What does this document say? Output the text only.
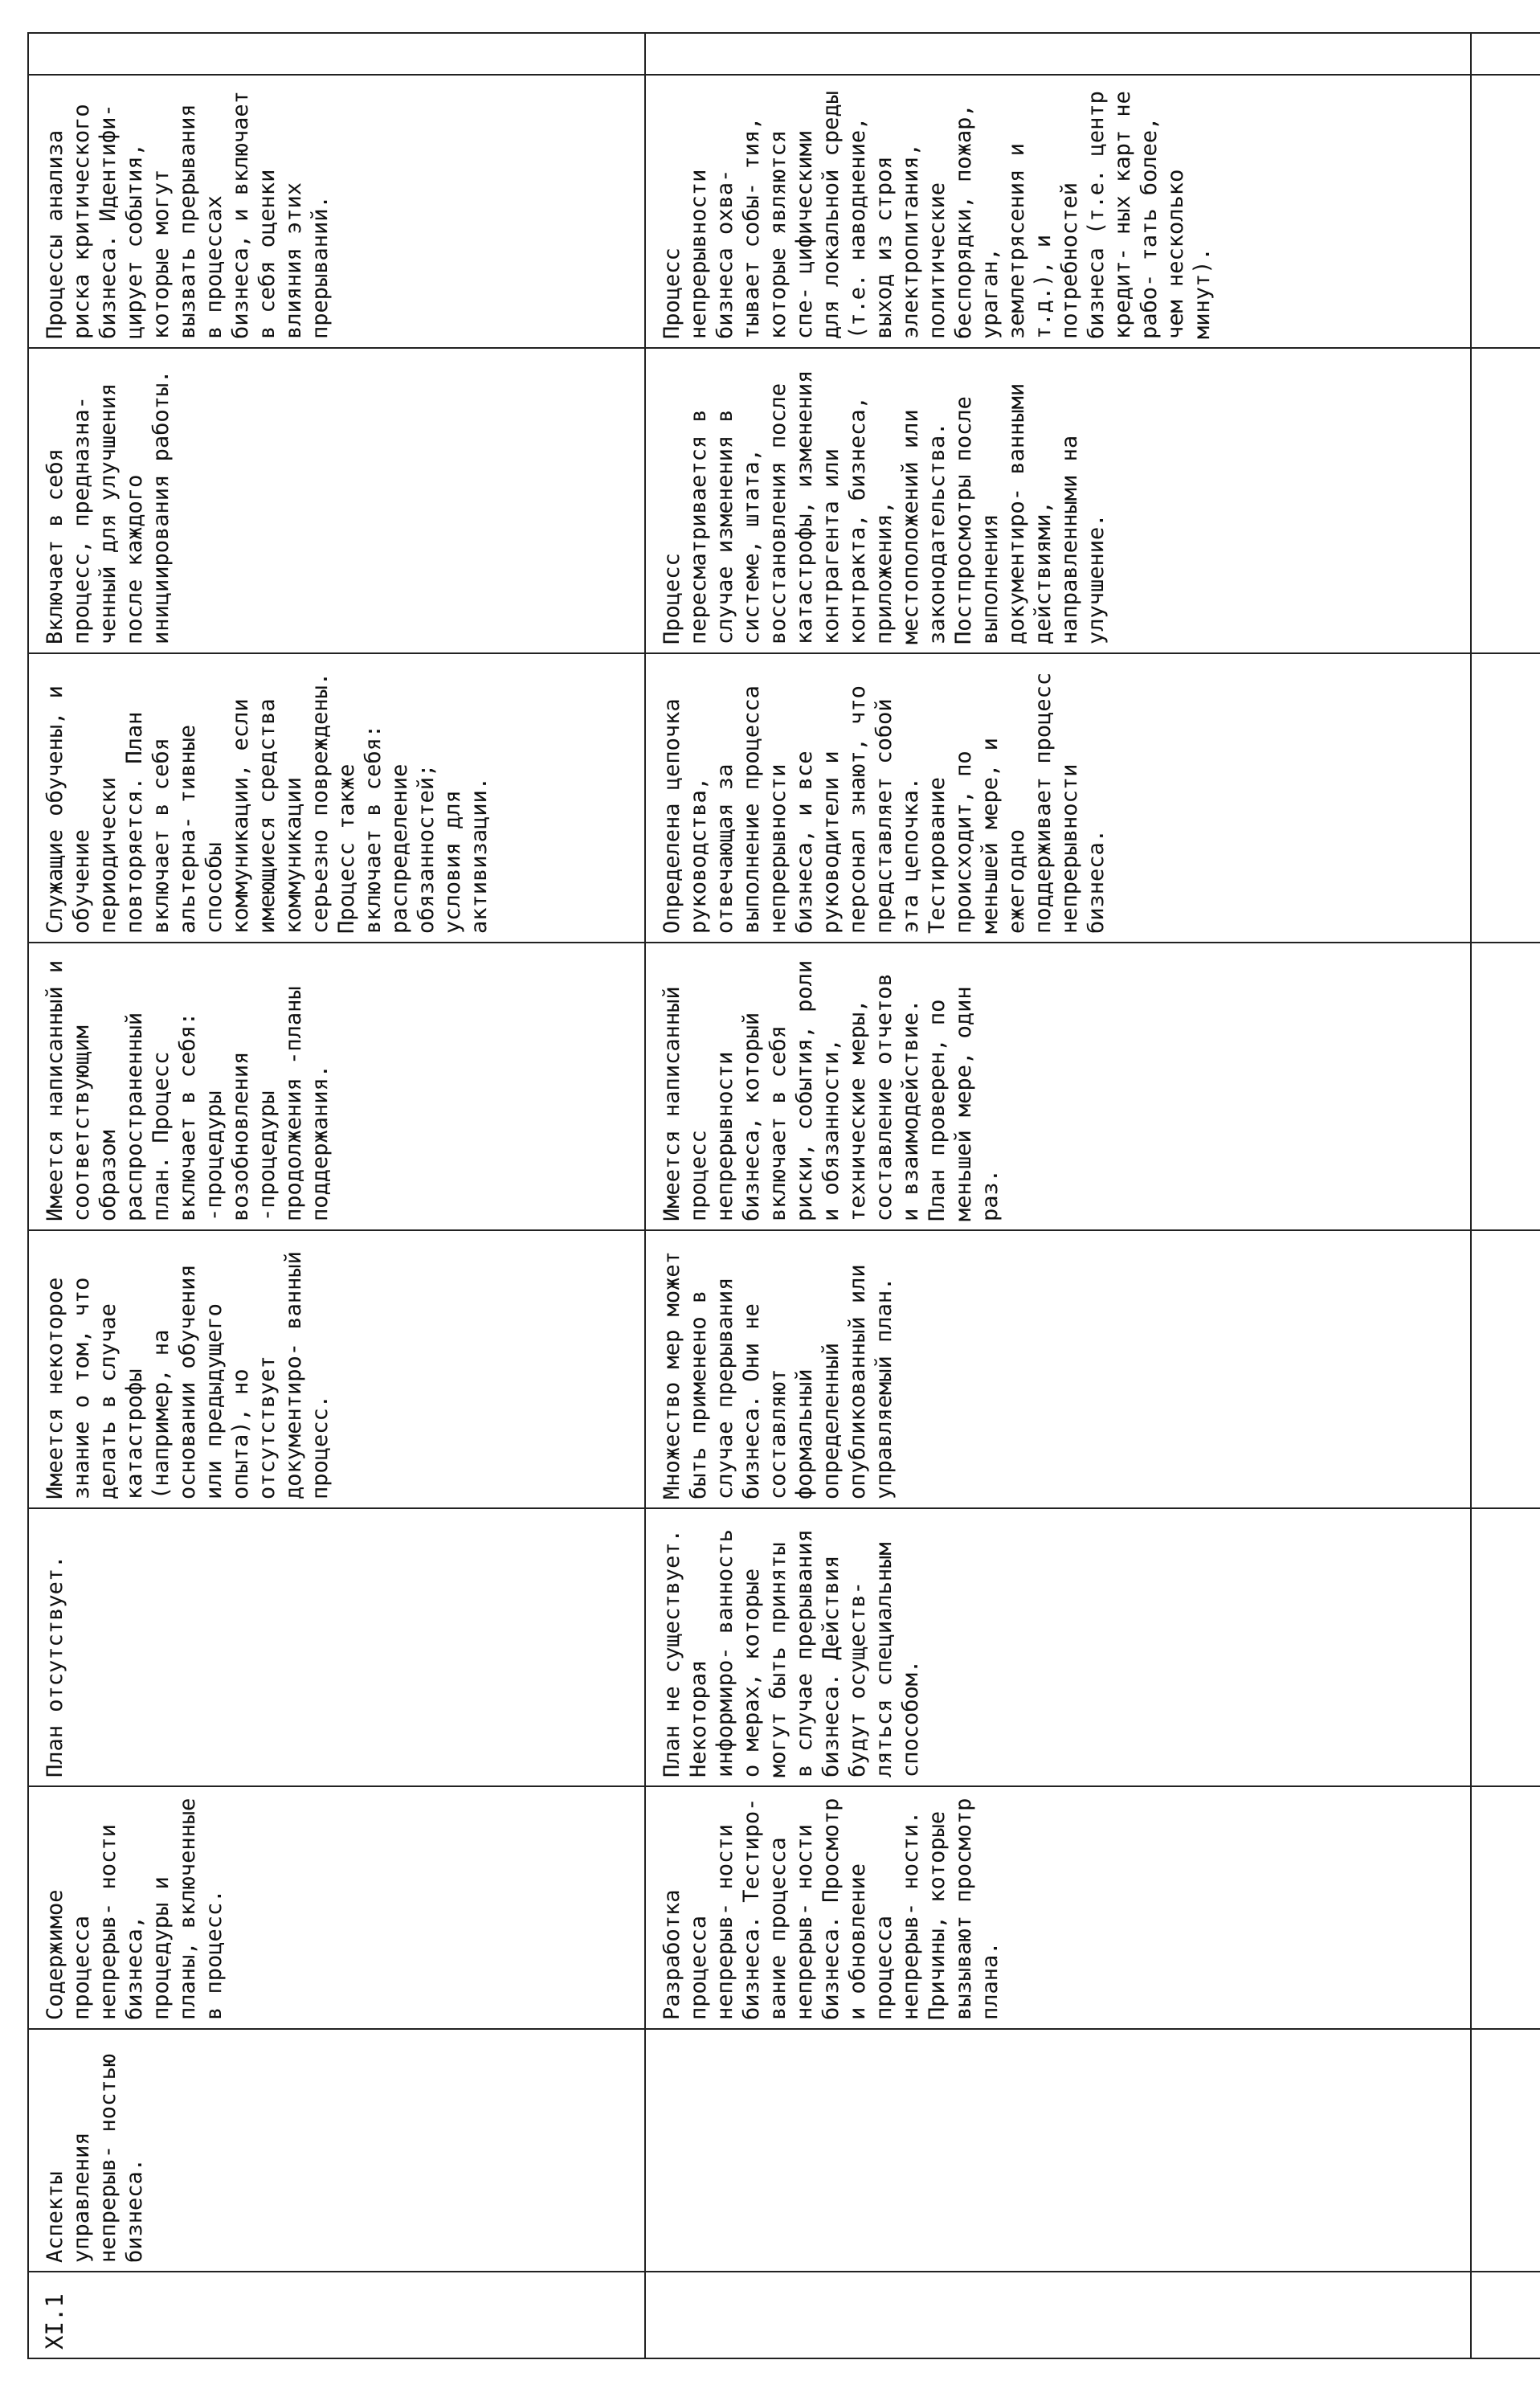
XI.1	Аспекты управления непрерыв- ностью бизнеса.	Содержимое процесса непрерыв- ности бизнеса, процедуры и планы, включенные в процесс.	План отсутствует.	Имеется некоторое знание о том, что делать в случае катастрофы (например, на основании обучения или предыдущего опыта), но отсутствует документиро- ванный процесс.	Имеется написанный и соответствующим образом распространенный план. Процесс включает в себя: -процедуры возобновления -процедуры продолжения -планы поддержания.	Служащие обучены, и обучение периодически повторяется. План включает в себя альтерна- тивные способы коммуникации, если имеющиеся средства коммуникации серьезно повреждены. Процесс также включает в себя: распределение обязанностей; условия для активизации.	Включает в себя процесс, предназна- ченный для улучшения после каждого инициирования работы.	Процессы анализа риска критического бизнеса. Идентифи- цирует события, которые могут вызвать прерывания в процессах бизнеса, и включает в себя оценки влияния этих прерываний.	
		Разработка процесса непрерыв- ности бизнеса. Тестиро- вание процесса непрерыв- ности бизнеса. Просмотр и обновление процесса непрерыв- ности. Причины, которые вызывают просмотр плана.	План не существует. Некоторая информиро- ванность о мерах, которые могут быть приняты в случае прерывания бизнеса. Действия будут осуществ- ляться специальным способом.	Множество мер может быть применено в случае прерывания бизнеса. Они не составляют формальный определенный опубликованный или управляемый план.	Имеется написанный процесс непрерывности бизнеса, который включает в себя риски, события, роли и обязанности, технические меры, составление отчетов и взаимодействие. План проверен, по меньшей мере, один раз.	Определена цепочка руководства, отвечающая за выполнение процесса непрерывности бизнеса, и все руководители и персонал знают, что представляет собой эта цепочка. Тестирование происходит, по меньшей мере, и ежегодно поддерживает процесс непрерывности бизнеса.	Процесс пересматривается в случае изменения в системе, штата, восстановления после катастрофы, изменения контрагента или контракта, бизнеса, приложения, местоположений или законодательства. Постпросмотры после выполнения документиро- ванными действиями, направленными на улучшение.	Процесс непрерывности бизнеса охва- тывает собы- тия, которые являются спе- цифическими для локальной среды (т.е. наводнение, выход из строя электропитания, политические беспорядки, пожар, ураган, землетрясения и т.д.), и потребностей бизнеса (т.е. центр кредит- ных карт не рабо- тать более, чем несколько минут).	
